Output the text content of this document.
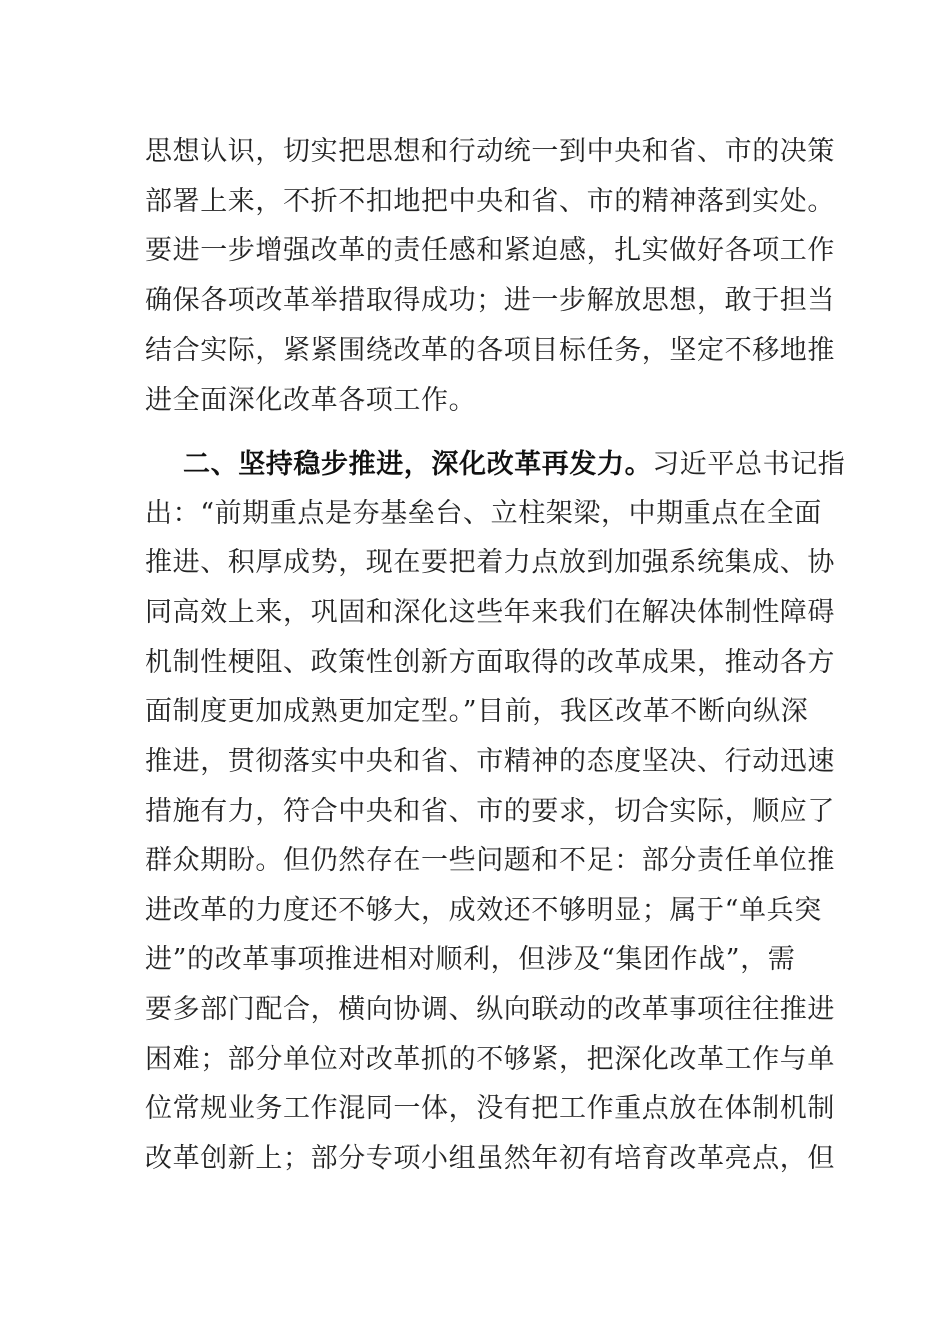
思想认识，切实把思想和行动统一到中央和省、市的决策
部署上来，不折不扣地把中央和省、市的精神落到实处。
要进一步增强改革的责任感和紧迫感，扎实做好各项工作
确保各项改革举措取得成功；进一步解放思想，敢于担当
结合实际，紧紧围绕改革的各项目标任务，坚定不移地推
进全面深化改革各项工作。
二、坚持稳步推进，深化改革再发力。习近平总书记指
出：“前期重点是夯基垒台、立柱架梁，中期重点在全面
推进、积厚成势，现在要把着力点放到加强系统集成、协
同高效上来，巩固和深化这些年来我们在解决体制性障碍
机制性梗阻、政策性创新方面取得的改革成果，推动各方
面制度更加成熟更加定型。”目前，我区改革不断向纵深
推进，贯彻落实中央和省、市精神的态度坚决、行动迅速
措施有力，符合中央和省、市的要求，切合实际，顺应了
群众期盼。但仍然存在一些问题和不足：部分责任单位推
进改革的力度还不够大，成效还不够明显；属于“单兵突
进”的改革事项推进相对顺利，但涉及“集团作战”，需
要多部门配合，横向协调、纵向联动的改革事项往往推进
困难；部分单位对改革抓的不够紧，把深化改革工作与单
位常规业务工作混同一体，没有把工作重点放在体制机制
改革创新上；部分专项小组虽然年初有培育改革亮点，但
